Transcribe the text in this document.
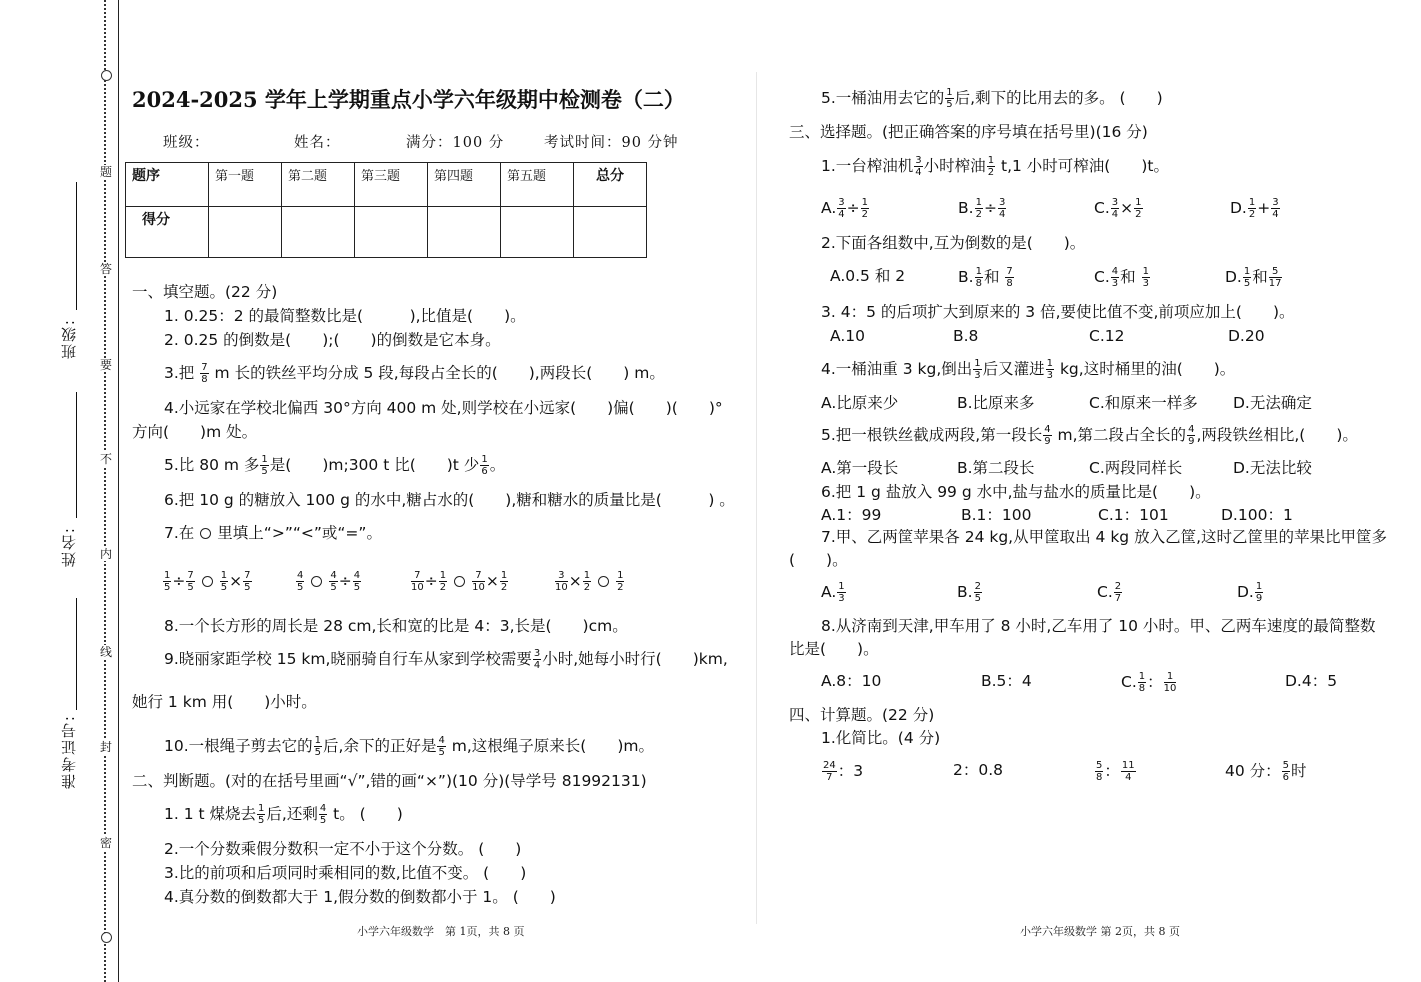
题
答
要
不
内
线
封
密
班级:
姓名:
准考证号:
2024-2025 学年上学期重点小学六年级期中检测卷（二）
班级：	姓名：	满分：100 分	考试时间：90 分钟
题序	第一题	第二题	第三题	第四题	第五题	总分
得分						
一、填空题。(22 分)
1. 0.25：2 的最简整数比是(　　　),比值是(　　)。
2. 0.25 的倒数是(　　);(　　)的倒数是它本身。
3.把 $\frac{7}{8}$ m 长的铁丝平均分成 5 段,每段占全长的(　　),两段长(　　) m。
4.小远家在学校北偏西 30°方向 400 m 处,则学校在小远家(　　)偏(　　)(　　)°
方向(　　)m 处。
5.比 80 m 多 $\frac{1}{5}$ 是(　　)m;300 t 比(　　)t 少 $\frac{1}{6}$ 。
6.把 10 g 的糖放入 100 g 的水中,糖占水的(　　),糖和糖水的质量比是(　　　) 。
7.在 里填上“>”“<”或“=”。
$\frac{1}{5} \div \frac{7}{5}$	$\frac{1}{5} \times \frac{7}{5}$	$\frac{4}{5}$	$\frac{4}{5} \div \frac{4}{5}$	$\frac{7}{10} \div \frac{1}{2}$	$\frac{7}{10} \times \frac{1}{2}$	$\frac{3}{10} \times \frac{1}{2}$	$\frac{1}{2}$
8.一个长方形的周长是 28 cm,长和宽的比是 4：3,长是(　　)cm。
9.晓丽家距学校 15 km,晓丽骑自行车从家到学校需要 $\frac{3}{4}$ 小时,她每小时行(　　)km,
她行 1 km 用(　　)小时。
10.一根绳子剪去它的 $\frac{1}{5}$ 后,余下的正好是 $\frac{4}{5} m$,这根绳子原来长(　　)m。
二、判断题。(对的在括号里画“√”,错的画“×”)(10 分)(导学号 81992131)
1. 1 t 煤烧去 $\frac{1}{5}$ 后,还剩 $\frac{4}{5}$ t。 (　　)
2.一个分数乘假分数积一定不小于这个分数。 (　　)
3.比的前项和后项同时乘相同的数,比值不变。 (　　)
4.真分数的倒数都大于 1,假分数的倒数都小于 1。 (　　)
小学六年级数学　第 1页，共 8 页
5.一桶油用去它的 $\frac{1}{5}$ 后,剩下的比用去的多。 (　　)
三、选择题。(把正确答案的序号填在括号里)(16 分)
1.一台榨油机 $\frac{3}{4}$ 小时榨油 $\frac{1}{2} t,1$ 小时可榨油(　　)t。
A. $\frac{3}{4} \div \frac{1}{2}$	B. $\frac{1}{2} \div \frac{3}{4}$	C. $\frac{3}{4} \times \frac{1}{2}$	D. $\frac{1}{2} + \frac{3}{4}$
2.下面各组数中,互为倒数的是(　　)。
A.0.5 和 2	B. $\frac{1}{8}$ 和 $\frac{7}{8}$	C. $\frac{4}{3}$ 和 $\frac{1}{3}$	D. $\frac{1}{5}$ 和 $\frac{5}{17}$
3. 4：5 的后项扩大到原来的 3 倍,要使比值不变,前项应加上(　　)。
A.10	B.8	C.12	D.20
4.一桶油重 3 kg,倒出 $\frac{1}{3}$ 后又灌进 $\frac{1}{3}$ kg,这时桶里的油(　　)。
A.比原来少	B.比原来多	C.和原来一样多 D.无法确定
5.把一根铁丝截成两段,第一段长 $\frac{4}{9} m$,第二段占全长的 $\frac{4}{9}$ ,两段铁丝相比,(　　)。
A.第一段长	B.第二段长	C.两段同样长	D.无法比较
6.把 1 g 盐放入 99 g 水中,盐与盐水的质量比是(　　)。
A.1：99	B.1：100	C.1：101	D.100：1
7.甲、乙两筐苹果各 24 kg,从甲筐取出 4 kg 放入乙筐,这时乙筐里的苹果比甲筐多
(　　)。
A. $\frac{1}{3}$	B. $\frac{2}{5}$	C. $\frac{2}{7}$	D. $\frac{1}{9}$
8.从济南到天津,甲车用了 8 小时,乙车用了 10 小时。甲、乙两车速度的最简整数
比是(　　)。
A.8：10	B.5：4	C. $\frac{1}{8}$ ： $\frac{1}{10}$	D.4：5
四、计算题。(22 分)
1.化简比。(4 分)
$\frac{24}{7}$ ：3	2：0.8	$\frac{5}{8}$ ： $\frac{11}{4}$	40 分： $\frac{5}{6}$ 时
小学六年级数学 第 2页，共 8 页
